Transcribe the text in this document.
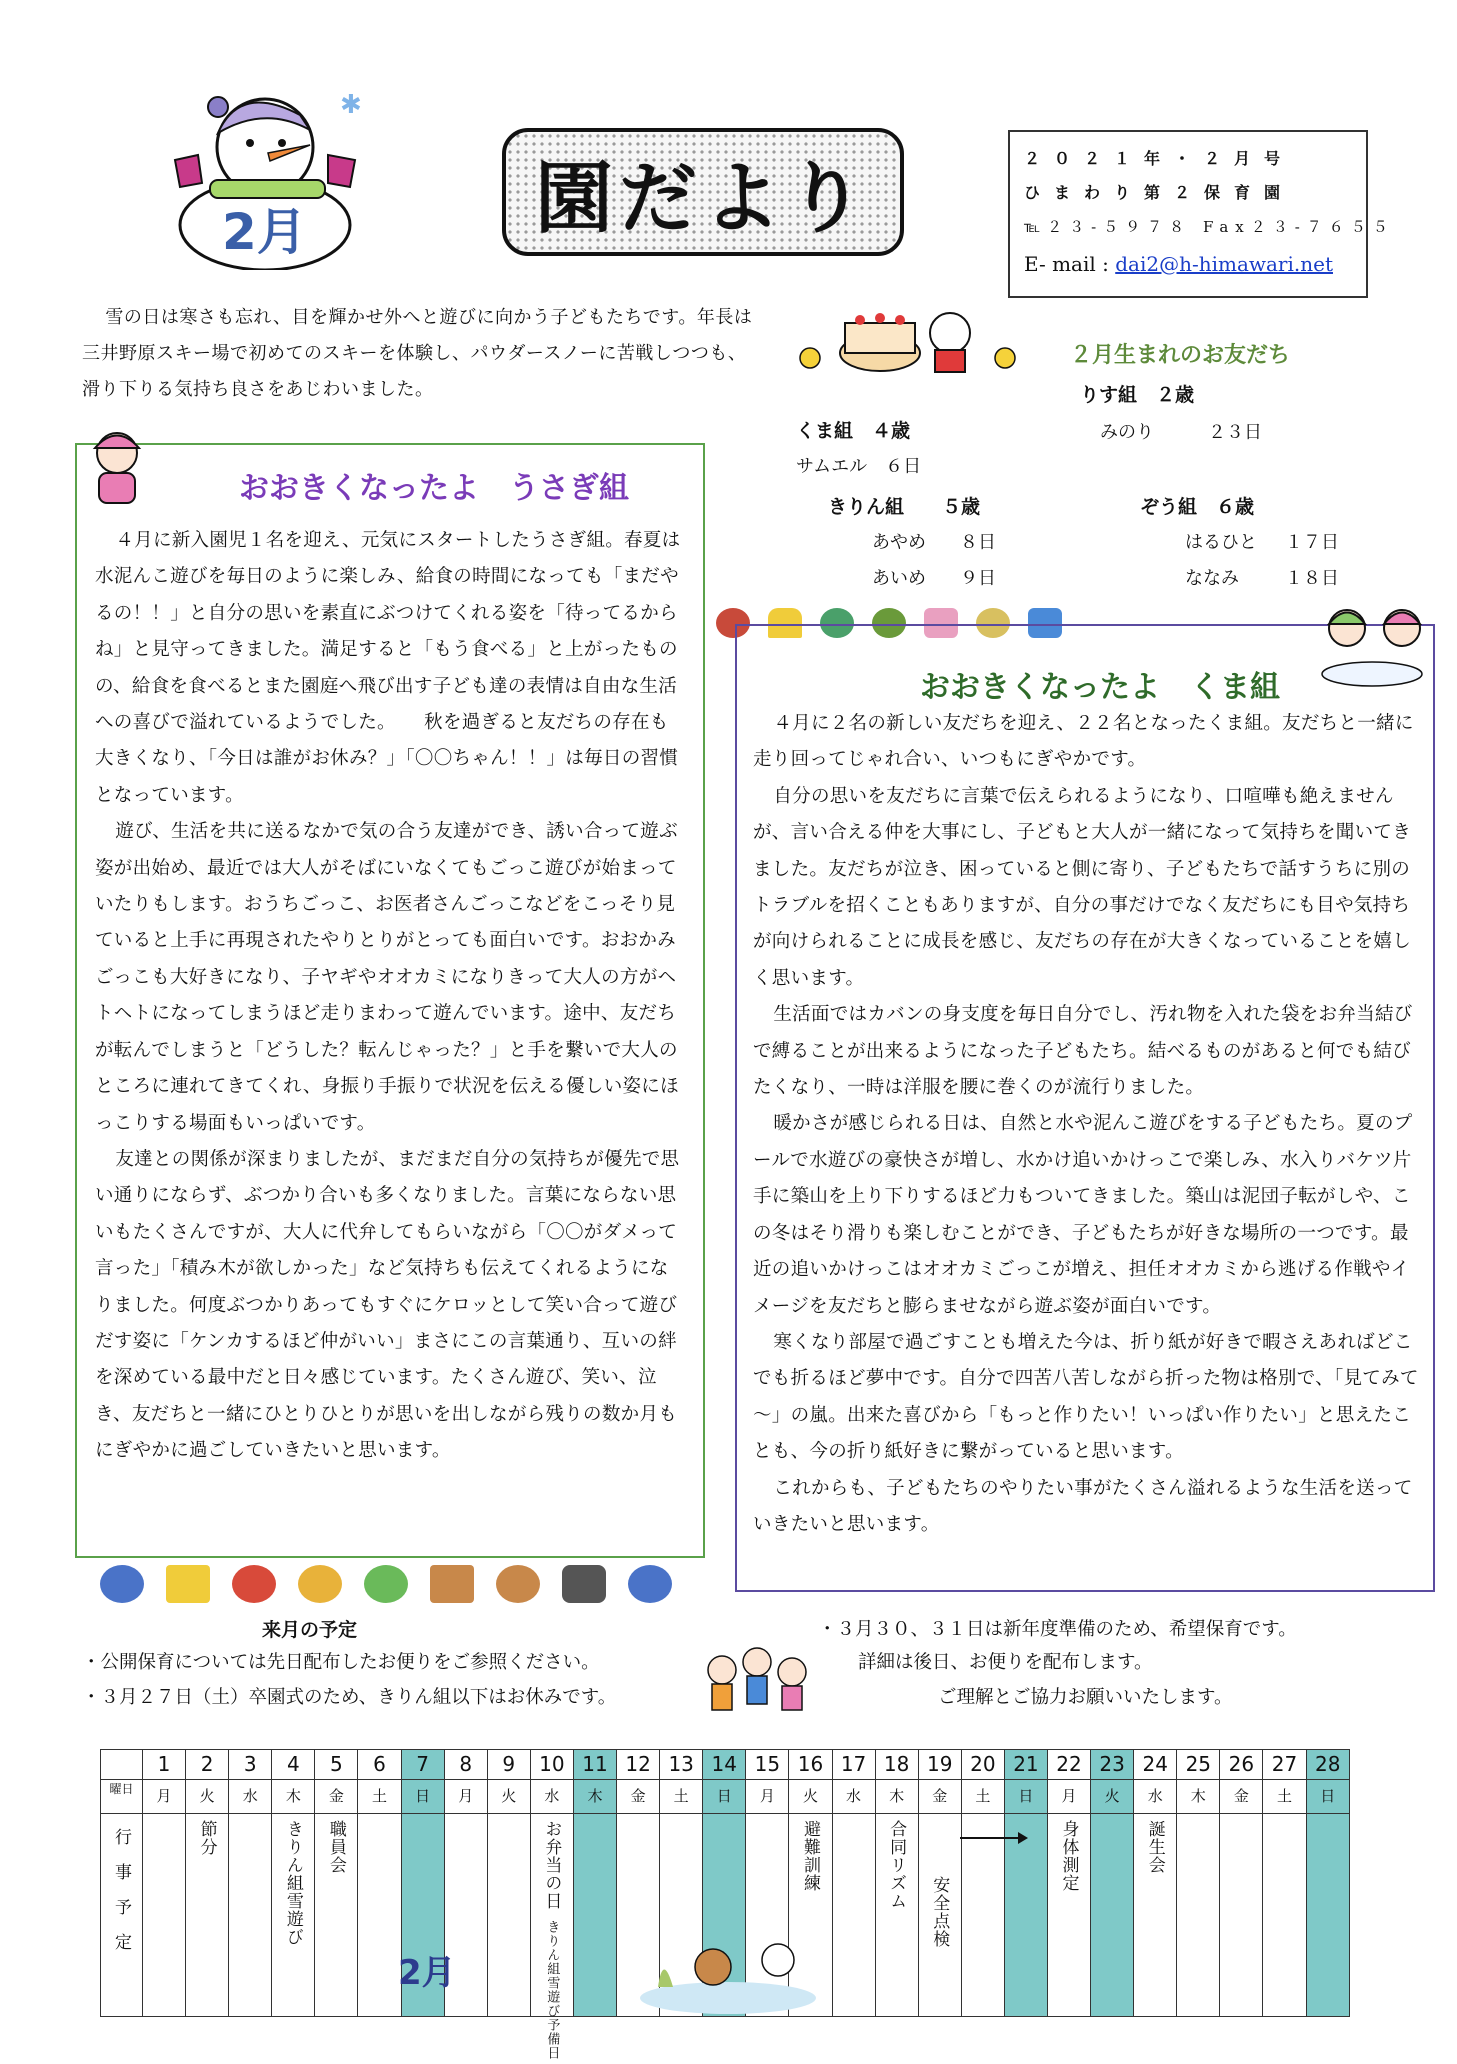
✱
2月	園だより	２０２１年・２月号
ひまわり第２保育園
℡２３-５９７８ Fax２３-７６５５
E- mail : dai2@h-himawari.net
雪の日は寒さも忘れ、目を輝かせ外へと遊びに向かう子どもたちです。年長は三井野原スキー場で初めてのスキーを体験し、パウダースノーに苦戦しつつも、滑り下りる気持ち良さをあじわいました。
２月生まれのお友だち
りす組　２歳
みのり	２３日
くま組　４歳
サムエル　６日
きりん組　　５歳
あやめ ８日
あいめ ９日
ぞう組　６歳
はるひと １７日
ななみ	１８日
おおきくなったよ　うさぎ組

４月に新入園児１名を迎え、元気にスタートしたうさぎ組。春夏は水泥んこ遊びを毎日のように楽しみ、給食の時間になっても「まだやるの！！」と自分の思いを素直にぶつけてくれる姿を「待ってるからね」と見守ってきました。満足すると「もう食べる」と上がったものの、給食を食べるとまた園庭へ飛び出す子ども達の表情は自由な生活への喜びで溢れているようでした。　　秋を過ぎると友だちの存在も大きくなり、「今日は誰がお休み？」「〇〇ちゃん！！」は毎日の習慣となっています。

遊び、生活を共に送るなかで気の合う友達ができ、誘い合って遊ぶ姿が出始め、最近では大人がそばにいなくてもごっこ遊びが始まっていたりもします。おうちごっこ、お医者さんごっこなどをこっそり見ていると上手に再現されたやりとりがとっても面白いです。おおかみごっこも大好きになり、子ヤギやオオカミになりきって大人の方がヘトヘトになってしまうほど走りまわって遊んでいます。途中、友だちが転んでしまうと「どうした？転んじゃった？」と手を繋いで大人のところに連れてきてくれ、身振り手振りで状況を伝える優しい姿にほっこりする場面もいっぱいです。

友達との関係が深まりましたが、まだまだ自分の気持ちが優先で思い通りにならず、ぶつかり合いも多くなりました。言葉にならない思いもたくさんですが、大人に代弁してもらいながら「〇〇がダメって言った」「積み木が欲しかった」など気持ちも伝えてくれるようになりました。何度ぶつかりあってもすぐにケロッとして笑い合って遊びだす姿に「ケンカするほど仲がいい」まさにこの言葉通り、互いの絆を深めている最中だと日々感じています。たくさん遊び、笑い、泣き、友だちと一緒にひとりひとりが思いを出しながら残りの数か月もにぎやかに過ごしていきたいと思います。

おおきくなったよ　くま組

４月に２名の新しい友だちを迎え、２２名となったくま組。友だちと一緒に走り回ってじゃれ合い、いつもにぎやかです。

自分の思いを友だちに言葉で伝えられるようになり、口喧嘩も絶えませんが、言い合える仲を大事にし、子どもと大人が一緒になって気持ちを聞いてきました。友だちが泣き、困っていると側に寄り、子どもたちで話すうちに別のトラブルを招くこともありますが、自分の事だけでなく友だちにも目や気持ちが向けられることに成長を感じ、友だちの存在が大きくなっていることを嬉しく思います。

生活面ではカバンの身支度を毎日自分でし、汚れ物を入れた袋をお弁当結びで縛ることが出来るようになった子どもたち。結べるものがあると何でも結びたくなり、一時は洋服を腰に巻くのが流行りました。

暖かさが感じられる日は、自然と水や泥んこ遊びをする子どもたち。夏のプールで水遊びの豪快さが増し、水かけ追いかけっこで楽しみ、水入りバケツ片手に築山を上り下りするほど力もついてきました。築山は泥団子転がしや、この冬はそり滑りも楽しむことができ、子どもたちが好きな場所の一つです。最近の追いかけっこはオオカミごっこが増え、担任オオカミから逃げる作戦やイメージを友だちと膨らませながら遊ぶ姿が面白いです。

寒くなり部屋で過ごすことも増えた今は、折り紙が好きで暇さえあればどこでも折るほど夢中です。自分で四苦八苦しながら折った物は格別で、「見てみて～」の嵐。出来た喜びから「もっと作りたい！いっぱい作りたい」と思えたことも、今の折り紙好きに繋がっていると思います。

これからも、子どもたちのやりたい事がたくさん溢れるような生活を送っていきたいと思います。

来月の予定
・公開保育については先日配布したお便りをご参照ください。
・３月２７日（土）卒園式のため、きりん組以下はお休みです。
・３月３０、３１日は新年度準備のため、希望保育です。
詳細は後日、お便りを配布します。
ご理解とご協力お願いいたします。
	1	2	3	4	5	6	7	8	9	10	11	12	13	14	15	16	17	18	19	20	21	22	23	24	25	26	27	28
曜日	月	火	水	木	金	土	日	月	火	水	木	金	土	日	月	火	水	木	金	土	日	月	火	水	木	金	土	日
行事予定		節分		きりん組雪遊び	職員会					お弁当の日きりん組雪遊び予備日						避難訓練		合同リズム	安全点検			身体測定		誕生会				
2月
